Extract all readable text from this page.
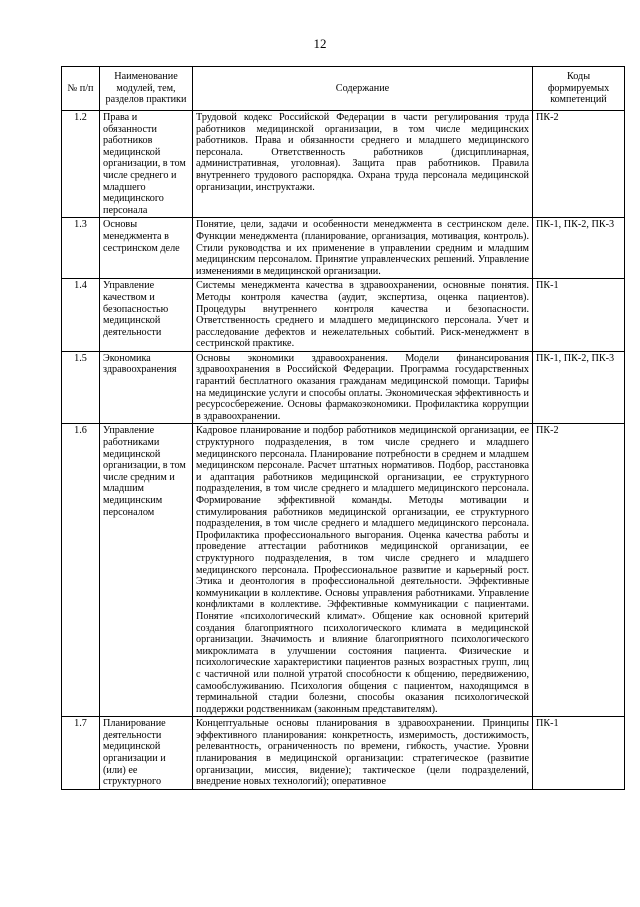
12
№ п/п	Наименование модулей, тем, разделов практики	Содержание	Коды формируемых компетенций
1.2	Права и обязанности работников медицинской организации, в том числе среднего и младшего медицинского персонала	Трудовой кодекс Российской Федерации в части регулирования труда работников медицинской организации, в том числе медицинских работников. Права и обязанности среднего и младшего медицинского персонала. Ответственность работников (дисциплинарная, административная, уголовная). Защита прав работников. Правила внутреннего трудового распорядка. Охрана труда персонала медицинской организации, инструктажи.	ПК-2
1.3	Основы менеджмента в сестринском деле	Понятие, цели, задачи и особенности менеджмента в сестринском деле. Функции менеджмента (планирование, организация, мотивация, контроль). Стили руководства и их применение в управлении средним и младшим медицинским персоналом. Принятие управленческих решений. Управление изменениями в медицинской организации.	ПК-1, ПК-2, ПК-3
1.4	Управление качеством и безопасностью медицинской деятельности	Системы менеджмента качества в здравоохранении, основные понятия. Методы контроля качества (аудит, экспертиза, оценка пациентов). Процедуры внутреннего контроля качества и безопасности. Ответственность среднего и младшего медицинского персонала. Учет и расследование дефектов и нежелательных событий. Риск-менеджмент в сестринской практике.	ПК-1
1.5	Экономика здравоохранения	Основы экономики здравоохранения. Модели финансирования здравоохранения в Российской Федерации. Программа государственных гарантий бесплатного оказания гражданам медицинской помощи. Тарифы на медицинские услуги и способы оплаты. Экономическая эффективность и ресурсосбережение. Основы фармакоэкономики. Профилактика коррупции в здравоохранении.	ПК-1, ПК-2, ПК-3
1.6	Управление работниками медицинской организации, в том числе средним и младшим медицинским персоналом	Кадровое планирование и подбор работников медицинской организации, ее структурного подразделения, в том числе среднего и младшего медицинского персонала. Планирование потребности в среднем и младшем медицинском персонале. Расчет штатных нормативов. Подбор, расстановка и адаптация работников медицинской организации, ее структурного подразделения, в том числе среднего и младшего медицинского персонала. Формирование эффективной команды. Методы мотивации и стимулирования работников медицинской организации, ее структурного подразделения, в том числе среднего и младшего медицинского персонала. Профилактика профессионального выгорания. Оценка качества работы и проведение аттестации работников медицинской организации, ее структурного подразделения, в том числе среднего и младшего медицинского персонала. Профессиональное развитие и карьерный рост. Этика и деонтология в профессиональной деятельности. Эффективные коммуникации в коллективе. Основы управления работниками. Управление конфликтами в коллективе. Эффективные коммуникации с пациентами. Понятие «психологический климат». Общение как основной критерий создания благоприятного психологического климата в медицинской организации. Значимость и влияние благоприятного психологического микроклимата в улучшении состояния пациента. Физические и психологические характеристики пациентов разных возрастных групп, лиц с частичной или полной утратой способности к общению, передвижению, самообслуживанию. Психология общения с пациентом, находящимся в терминальной стадии болезни, способы оказания психологической поддержки родственникам (законным представителям).	ПК-2
1.7	Планирование деятельности медицинской организации и (или) ее структурного	Концептуальные основы планирования в здравоохранении. Принципы эффективного планирования: конкретность, измеримость, достижимость, релевантность, ограниченность по времени, гибкость, участие. Уровни планирования в медицинской организации: стратегическое (развитие организации, миссия, видение); тактическое (цели подразделений, внедрение новых технологий); оперативное	ПК-1
